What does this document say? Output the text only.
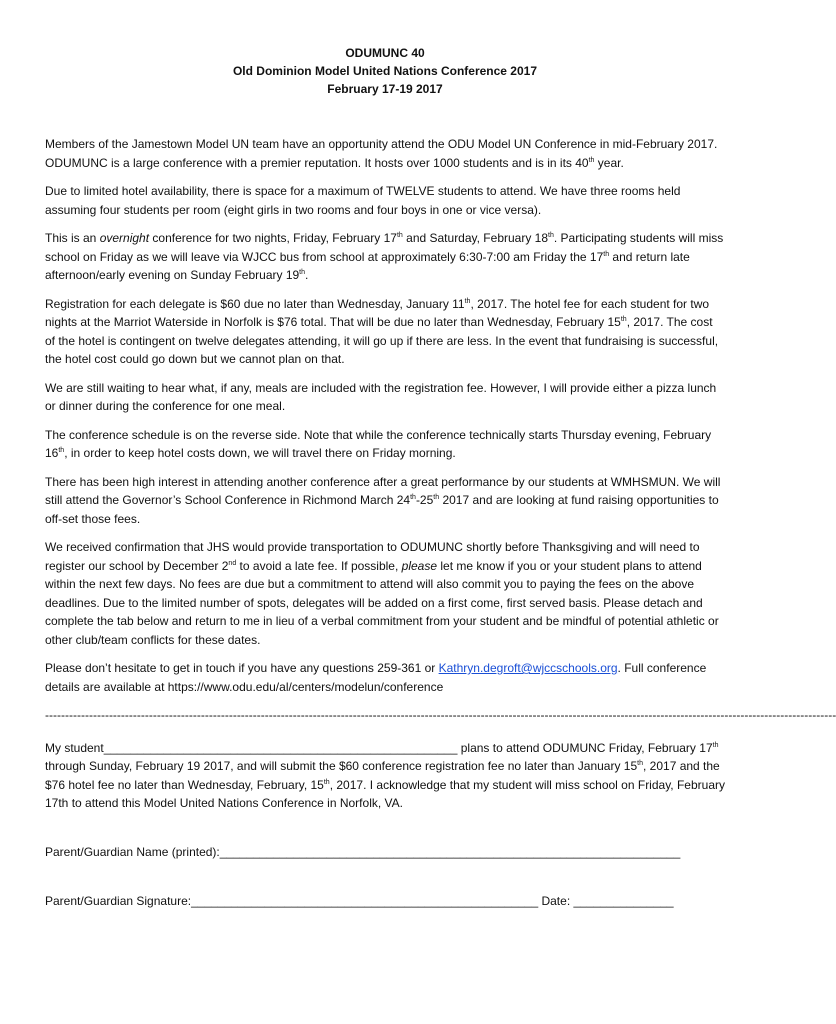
ODUMUNC 40
Old Dominion Model United Nations Conference 2017
February 17-19 2017

Members of the Jamestown Model UN team have an opportunity attend the ODU Model UN Conference in mid-February 2017. ODUMUNC is a large conference with a premier reputation. It hosts over 1000 students and is in its 40th year.

Due to limited hotel availability, there is space for a maximum of TWELVE students to attend. We have three rooms held assuming four students per room (eight girls in two rooms and four boys in one or vice versa).

This is an overnight conference for two nights, Friday, February 17th and Saturday, February 18th. Participating students will miss school on Friday as we will leave via WJCC bus from school at approximately 6:30-7:00 am Friday the 17th and return late afternoon/early evening on Sunday February 19th.

Registration for each delegate is $60 due no later than Wednesday, January 11th, 2017. The hotel fee for each student for two nights at the Marriot Waterside in Norfolk is $76 total. That will be due no later than Wednesday, February 15th, 2017. The cost of the hotel is contingent on twelve delegates attending, it will go up if there are less. In the event that fundraising is successful, the hotel cost could go down but we cannot plan on that.

We are still waiting to hear what, if any, meals are included with the registration fee. However, I will provide either a pizza lunch or dinner during the conference for one meal.

The conference schedule is on the reverse side. Note that while the conference technically starts Thursday evening, February 16th, in order to keep hotel costs down, we will travel there on Friday morning.

There has been high interest in attending another conference after a great performance by our students at WMHSMUN. We will still attend the Governor’s School Conference in Richmond March 24th-25th 2017 and are looking at fund raising opportunities to off-set those fees.

We received confirmation that JHS would provide transportation to ODUMUNC shortly before Thanksgiving and will need to register our school by December 2nd to avoid a late fee. If possible, please let me know if you or your student plans to attend within the next few days. No fees are due but a commitment to attend will also commit you to paying the fees on the above deadlines. Due to the limited number of spots, delegates will be added on a first come, first served basis. Please detach and complete the tab below and return to me in lieu of a verbal commitment from your student and be mindful of potential athletic or other club/team conflicts for these dates.

Please don’t hesitate to get in touch if you have any questions 259-361 or Kathryn.degroft@wjccschools.org. Full conference details are available at https://www.odu.edu/al/centers/modelun/conference

------------------------------------------------------------------------------------------------------------------------------------------------------------------------------------------------------

My student_____________________________________________________ plans to attend ODUMUNC Friday, February 17th through Sunday, February 19 2017, and will submit the $60 conference registration fee no later than January 15th, 2017 and the $76 hotel fee no later than Wednesday, February, 15th, 2017. I acknowledge that my student will miss school on Friday, February 17th to attend this Model United Nations Conference in Norfolk, VA.

Parent/Guardian Name (printed):_____________________________________________________________________
Parent/Guardian Signature:____________________________________________________ Date: _______________
